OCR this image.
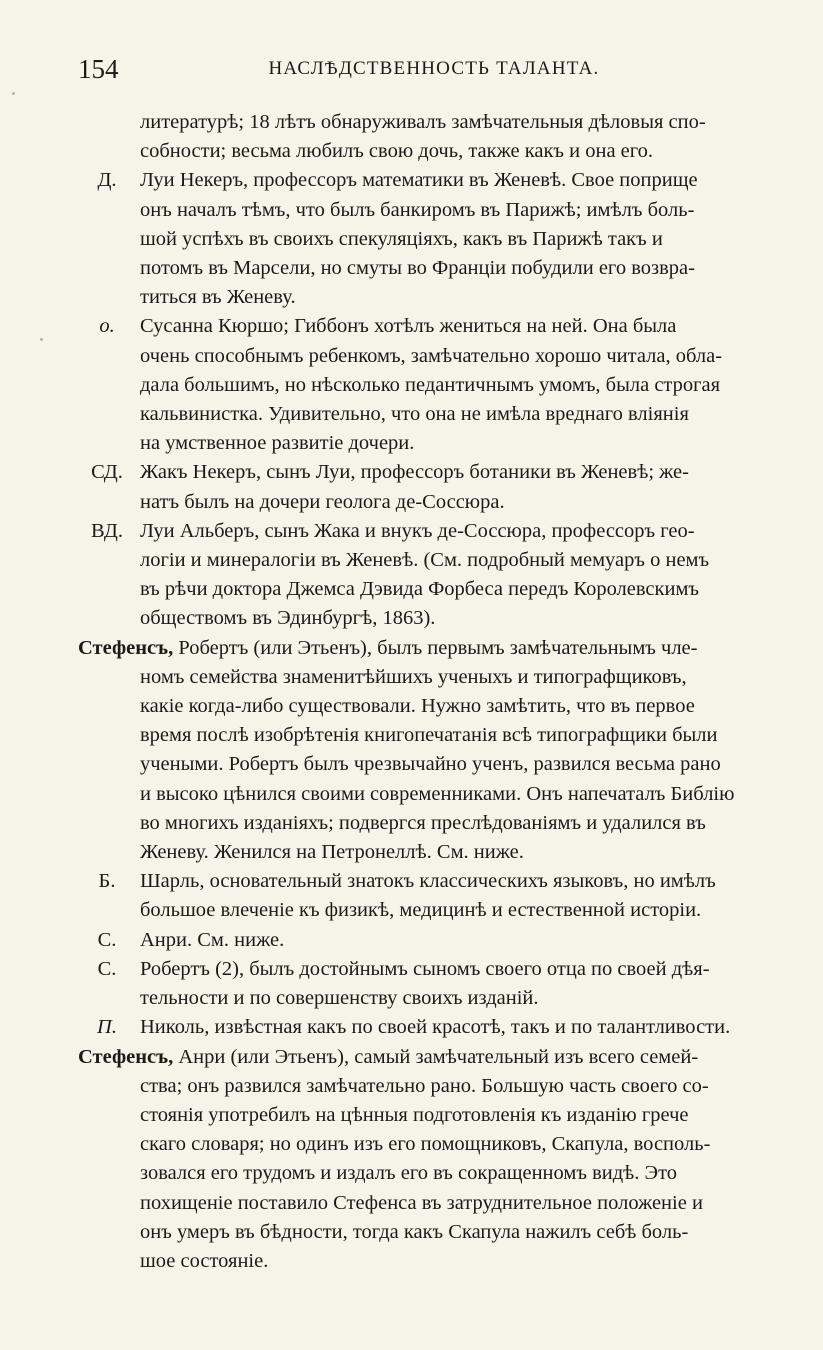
154	НАСЛѢДСТВЕННОСТЬ ТАЛАНТА.
литературѣ; 18 лѣтъ обнаруживалъ замѣчательныя дѣловыя спо-
собности; весьма любилъ свою дочь, также какъ и она его.
Д.	Луи Некеръ, профессоръ математики въ Женевѣ. Свое поприще
онъ началъ тѣмъ, что былъ банкиромъ въ Парижѣ; имѣлъ боль-
шой успѣхъ въ своихъ спекуляціяхъ, какъ въ Парижѣ такъ и
потомъ въ Марсели, но смуты во Франціи побудили его возвра-
титься въ Женеву.
о.	Сусанна Кюршо; Гиббонъ хотѣлъ жениться на ней. Она была
очень способнымъ ребенкомъ, замѣчательно хорошо читала, обла-
дала большимъ, но нѣсколько педантичнымъ умомъ, была строгая
кальвинистка. Удивительно, что она не имѣла вреднаго вліянія
на умственное развитіе дочери.
СД. Жакъ Некеръ, сынъ Луи, профессоръ ботаники въ Женевѣ; же-
натъ былъ на дочери геолога де-Соссюра.
ВД. Луи Альберъ, сынъ Жака и внукъ де-Соссюра, профессоръ гео-
логіи и минералогіи въ Женевѣ. (См. подробный мемуаръ о немъ
въ рѣчи доктора Джемса Дэвида Форбеса передъ Королевскимъ
обществомъ въ Эдинбургѣ, 1863).
Стефенсъ, Робертъ (или Этьенъ), былъ первымъ замѣчательнымъ чле-
номъ семейства знаменитѣйшихъ ученыхъ и типографщиковъ,
какіе когда-либо существовали. Нужно замѣтить, что въ первое
время послѣ изобрѣтенія книгопечатанія всѣ типографщики были
учеными. Робертъ былъ чрезвычайно ученъ, развился весьма рано
и высоко цѣнился своими современниками. Онъ напечаталъ Библію
во многихъ изданіяхъ; подвергся преслѣдованіямъ и удалился въ
Женеву. Женился на Петронеллѣ. См. ниже.
Б.	Шарль, основательный знатокъ классическихъ языковъ, но имѣлъ
большое влеченіе къ физикѣ, медицинѣ и естественной исторіи.
С.	Анри. См. ниже.
С.	Робертъ (2), былъ достойнымъ сыномъ своего отца по своей дѣя-
тельности и по совершенству своихъ изданій.
П.	Николь, извѣстная какъ по своей красотѣ, такъ и по талантливости.
Стефенсъ, Анри (или Этьенъ), самый замѣчательный изъ всего семей-
ства; онъ развился замѣчательно рано. Большую часть своего со-
стоянія употребилъ на цѣнныя подготовленія къ изданію грече
скаго словаря; но одинъ изъ его помощниковъ, Скапула, восполь-
зовался его трудомъ и издалъ его въ сокращенномъ видѣ. Это
похищеніе поставило Стефенса въ затруднительное положеніе и
онъ умеръ въ бѣдности, тогда какъ Скапула нажилъ себѣ боль-
шое состояніе.
